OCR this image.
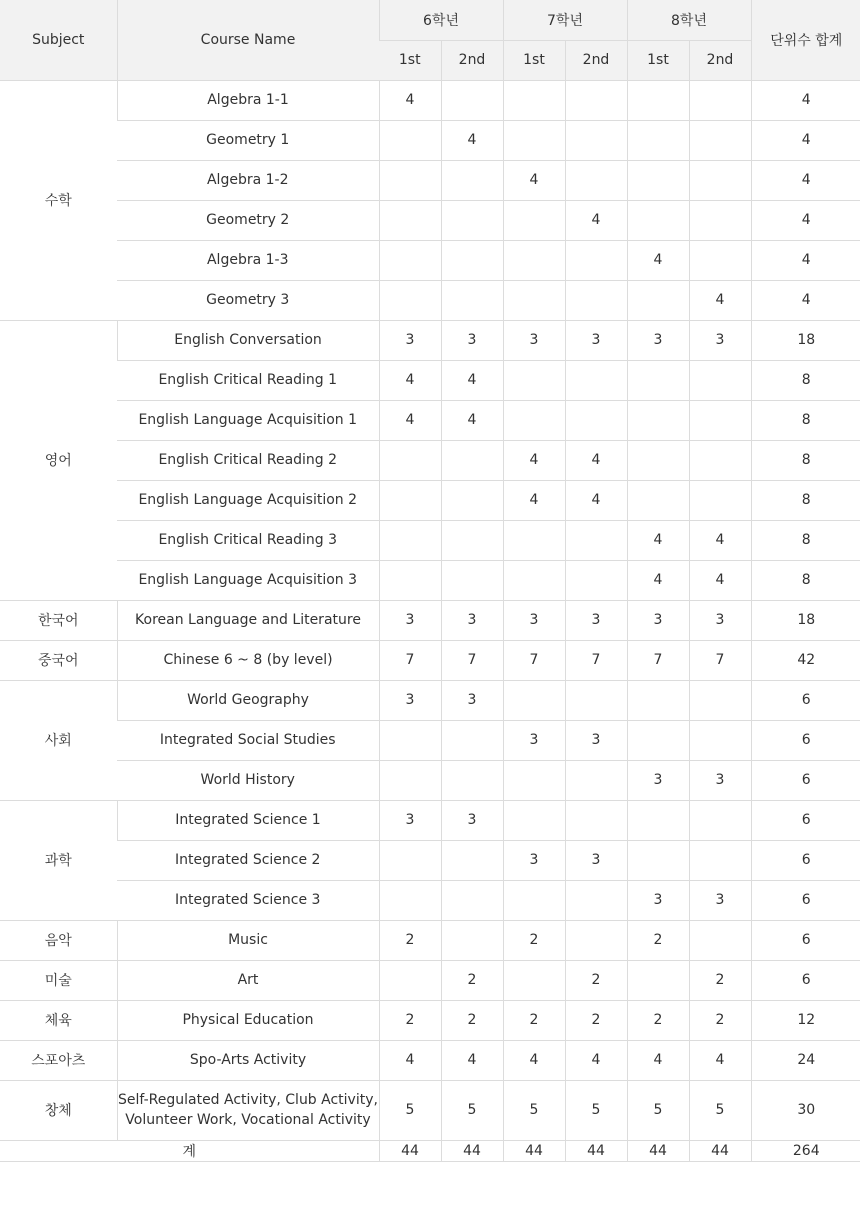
Subject	Course Name	6학년		7학년		8학년		단위수 합계
		1st	2nd	1st	2nd	1st	2nd	
수학	Algebra 1-1	4						4
	Geometry 1		4					4
	Algebra 1-2			4				4
	Geometry 2				4			4
	Algebra 1-3					4		4
	Geometry 3						4	4
영어	English Conversation	3	3	3	3	3	3	18
	English Critical Reading 1	4	4					8
	English Language Acquisition 1	4	4					8
	English Critical Reading 2			4	4			8
	English Language Acquisition 2			4	4			8
	English Critical Reading 3					4	4	8
	English Language Acquisition 3					4	4	8
한국어	Korean Language and Literature	3	3	3	3	3	3	18
중국어	Chinese 6 ~ 8 (by level)	7	7	7	7	7	7	42
사회	World Geography	3	3					6
	Integrated Social Studies			3	3			6
	World History					3	3	6
과학	Integrated Science 1	3	3					6
	Integrated Science 2			3	3			6
	Integrated Science 3					3	3	6
음악	Music	2		2		2		6
미술	Art		2		2		2	6
체육	Physical Education	2	2	2	2	2	2	12
스포아츠	Spo-Arts Activity	4	4	4	4	4	4	24
창체	Self-Regulated Activity, Club Activity,
Volunteer Work, Vocational Activity	5	5	5	5	5	5	30
계		44	44	44	44	44	44	264
